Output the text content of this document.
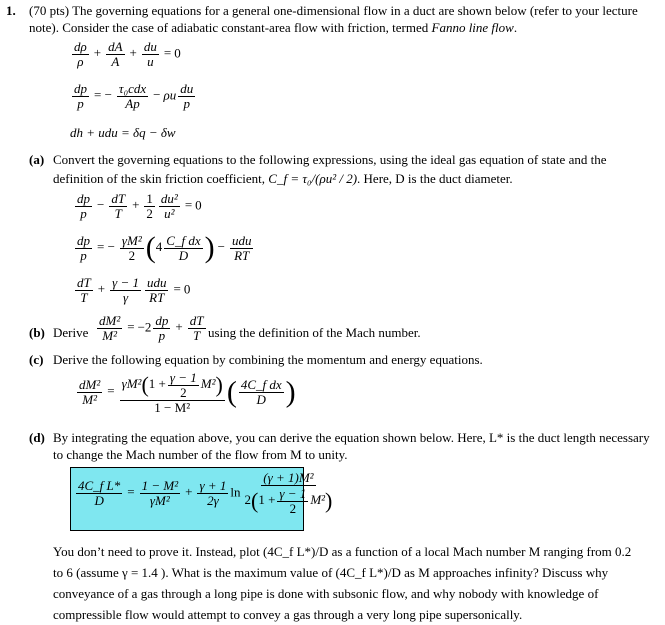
1. (70 pts) The governing equations for a general one-dimensional flow in a duct are shown below (refer to your lecture
note). Consider the case of adiabatic constant-area flow with friction, termed Fanno line flow.
$\frac{d\rho}{\rho} + \frac{dA}{A} + \frac{du}{u} = 0$
$\frac{dp}{p}$ = − $\frac{\text{τ₀cdx}}{Ap} - \rho u \frac{du}{p}$
dh + udu = δq − δw
(a) Convert the governing equations to the following expressions, using the ideal gas equation of state and the
definition of the skin friction coefficient, C_f = τ₀/(ρu² / 2). Here, D is the duct diameter.
$\frac{dp}{p} - \frac{dT}{T} + \frac{1}{2} \frac{\text{du²}}{\text{u²}} = 0$
$\frac{dp}{p}$ = − $\frac{\text{γM²}}{2} (4 \frac{\text{C\_f dx}}{D}$ ) − $\frac{\text{udu}}{RT}$
$\frac{dT}{T} + \frac{\gamma - 1}{\gamma} \frac{\text{udu}}{RT} = 0$
(b) Derive $\frac{\text{dM²}}{\text{M²}} = -2 \frac{dp}{p} + \frac{dT}{T}$ using the definition of the Mach number.
(c) Derive the following equation by combining the momentum and energy equations.
$\frac{\text{dM²}}{\text{M²}} = \frac{\gamma M^2(1 + \frac{\gamma - 1}{2} M^2)}{\text{1 − M²}}$ ( $\frac{\text{4C\_f dx}}{D}$ )
(d) By integrating the equation above, you can derive the equation shown below. Here, L* is the duct length necessary
to change the Mach number of the flow from M to unity.
$\frac{\text{4C\_f L*}}{D} = \frac{\text{1 − M²}}{\text{γM²}} + \frac{\gamma + 1}{2\gamma}$ $\ln \frac{\text{(γ + 1)M²}}{2(1 + \frac{\gamma - 1}{2} M^2)}$
You don’t need to prove it. Instead, plot (4C_f L*)/D as a function of a local Mach number M ranging from 0.2
to 6 (assume γ = 1.4 ). What is the maximum value of (4C_f L*)/D as M approaches infinity? Discuss why
conveyance of a gas through a long pipe is done with subsonic flow, and why nobody with knowledge of
compressible flow would attempt to convey a gas through a very long pipe supersonically.
